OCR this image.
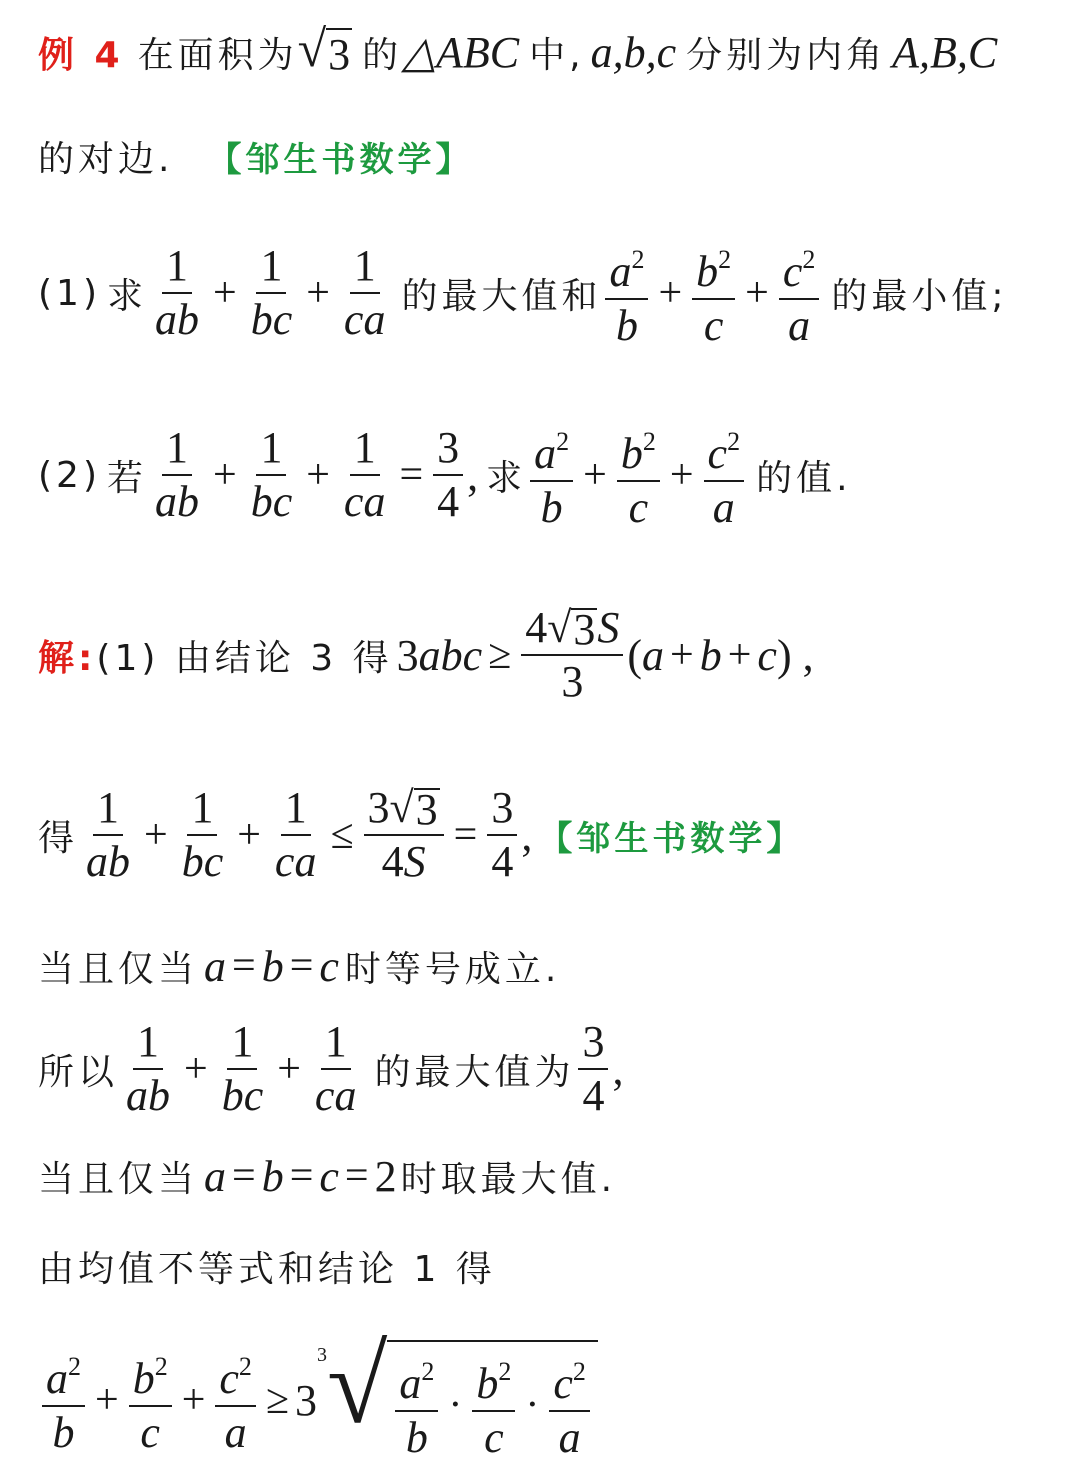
例 4 在面积为 √ 3 的 △ABC 中, a,b,c 分别为内角 A,B,C
的对边. 【邹生书数学】
(1) 求 $\frac{1}{ab} + \frac{1}{bc} + \frac{1}{ca}$ 的最大值和 $\frac{a^2}{b} + \frac{b^2}{c} + \frac{c^2}{a}$ 的最小值;
(2) 若 $\frac{1}{ab} + \frac{1}{bc} + \frac{1}{ca} = \frac{3}{4}$ , 求 $\frac{a^2}{b} + \frac{b^2}{c} + \frac{c^2}{a}$ 的值.
解: (1) 由结论 3 得 3 abc ≥ $\frac{4 √ 3 S}{3}$ ( a + b + c ) ,
得 $\frac{1}{ab} + \frac{1}{bc} + \frac{1}{ca} \le \frac{3 √ 3}{4S} = \frac{3}{4}$ , 【邹生书数学】
当且仅当 a = b = c 时等号成立.
所以 $\frac{1}{ab} + \frac{1}{bc} + \frac{1}{ca}$ 的最大值为 $\frac{3}{4}$ ,
当且仅当 a = b = c = 2 时取最大值.
由均值不等式和结论 1 得
$\frac{a^2}{b} + \frac{b^2}{c} + \frac{c^2}{a} \ge 3$
3 √ $\frac{a^2}{b} \cdot \frac{b^2}{c} \cdot \frac{c^2}{a}$
